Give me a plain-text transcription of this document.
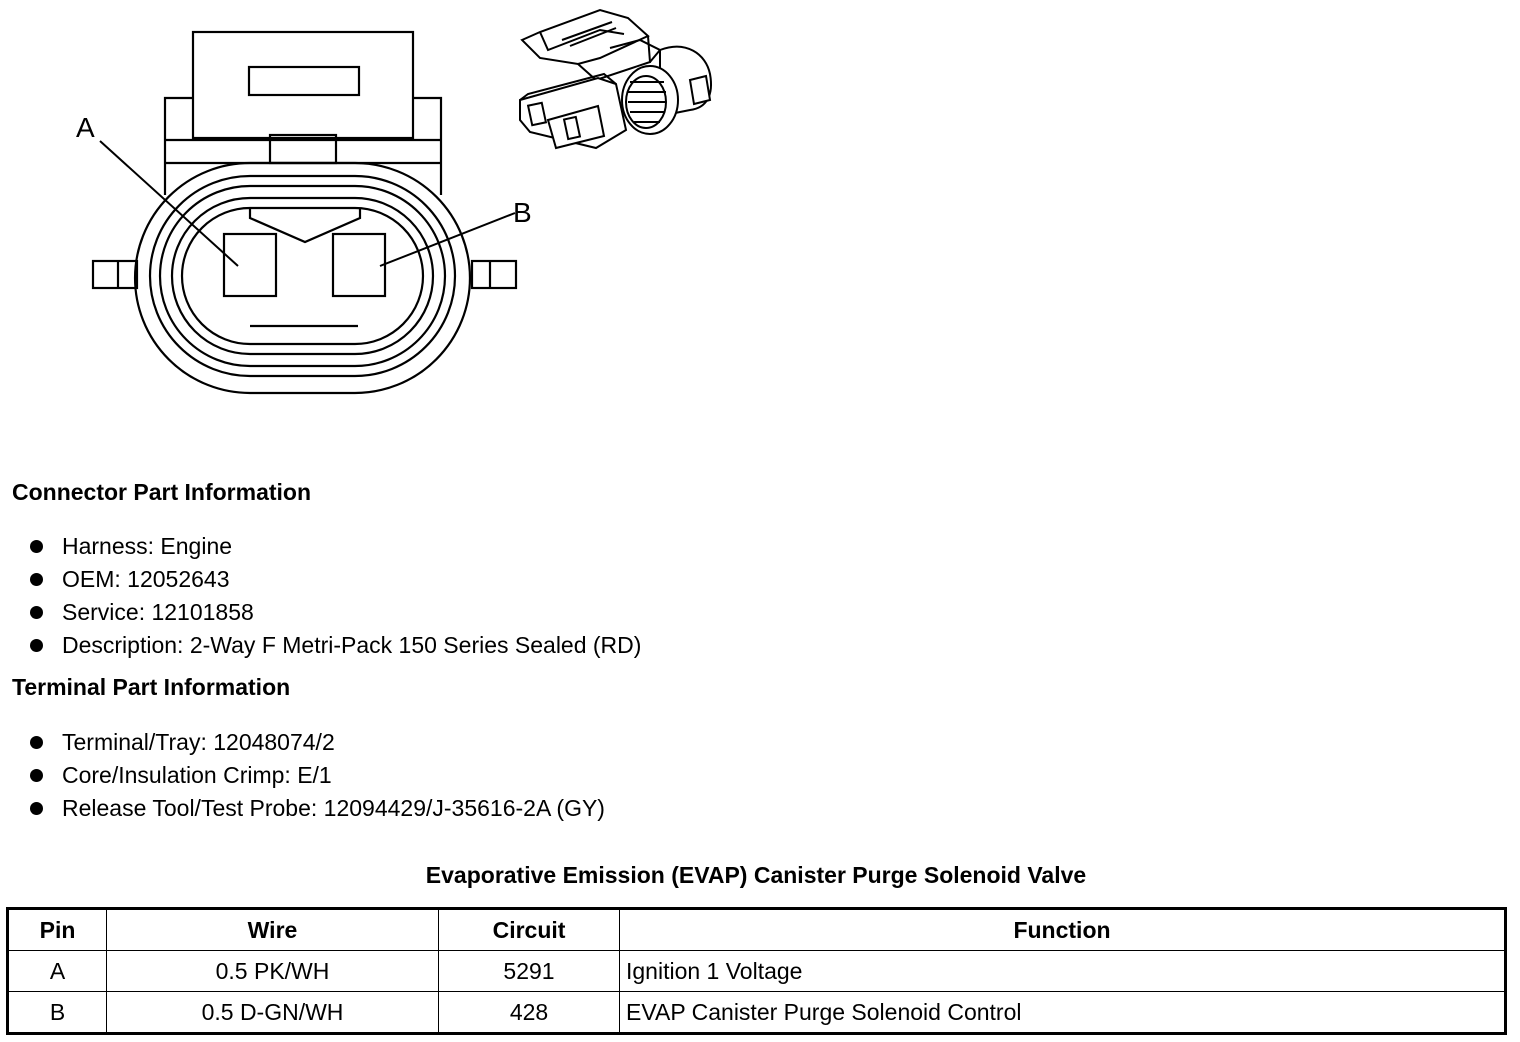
A
B
Connector Part Information
Harness: Engine
OEM: 12052643
Service: 12101858
Description: 2-Way F Metri-Pack 150 Series Sealed (RD)
Terminal Part Information
Terminal/Tray: 12048074/2
Core/Insulation Crimp: E/1
Release Tool/Test Probe: 12094429/J-35616-2A (GY)
Evaporative Emission (EVAP) Canister Purge Solenoid Valve
Pin	Wire	Circuit	Function
A	0.5 PK/WH	5291	Ignition 1 Voltage
B	0.5 D-GN/WH	428	EVAP Canister Purge Solenoid Control
